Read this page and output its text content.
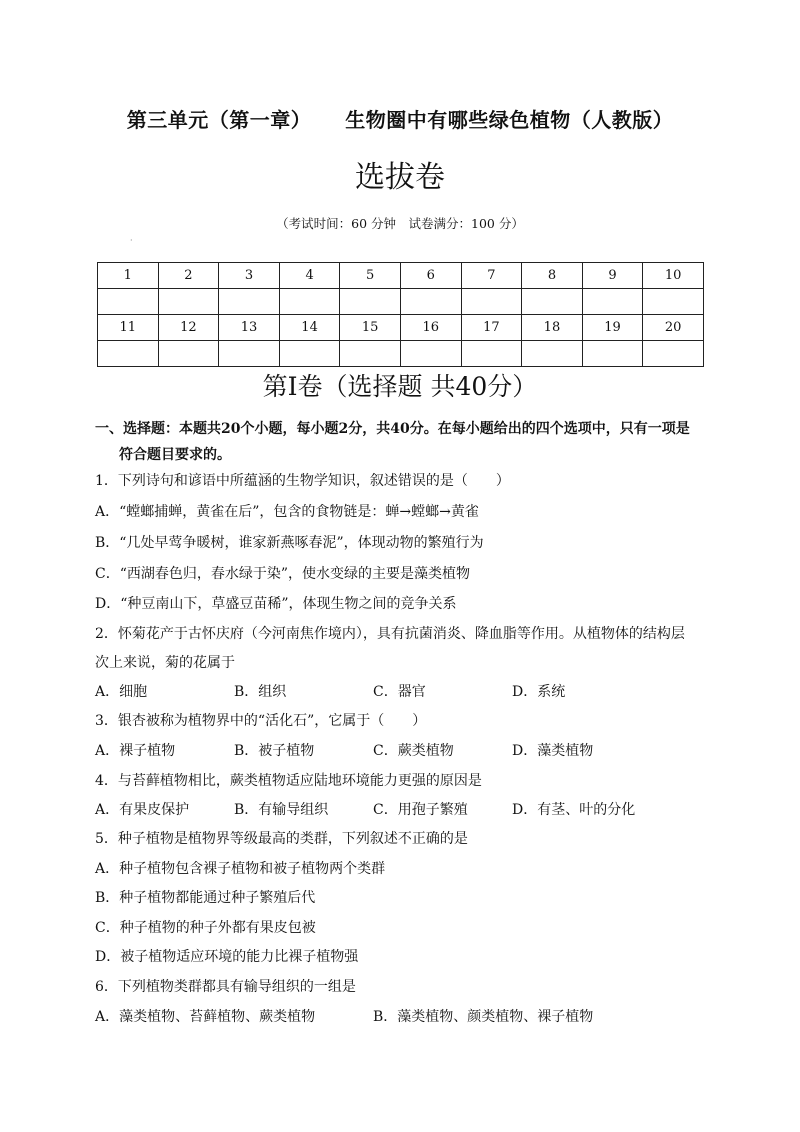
第三单元（第一章） 生物圈中有哪些绿色植物（人教版）
选拔卷
（考试时间：60 分钟　试卷满分：100 分）
·
1	2	3	4	5	6	7	8	9	10

11	12	13	14	15	16	17	18	19	20

第Ⅰ卷（选择题 共40分）
一、选择题：本题共20个小题，每小题2分，共40分。在每小题给出的四个选项中，只有一项是
符合题目要求的。
1．下列诗句和谚语中所蕴涵的生物学知识，叙述错误的是（　　）
A．“螳螂捕蝉，黄雀在后”，包含的食物链是：蝉→螳螂→黄雀
B．“几处早莺争暖树，谁家新燕啄春泥”，体现动物的繁殖行为
C．“西湖春色归，春水绿于染”，使水变绿的主要是藻类植物
D．“种豆南山下，草盛豆苗稀”，体现生物之间的竞争关系
2．怀菊花产于古怀庆府（今河南焦作境内），具有抗菌消炎、降血脂等作用。从植物体的结构层
次上来说，菊的花属于
A．细胞	B．组织	C．器官	D．系统
3．银杏被称为植物界中的“活化石”，它属于（　　）
A．裸子植物	B．被子植物	C．蕨类植物	D．藻类植物
4．与苔藓植物相比，蕨类植物适应陆地环境能力更强的原因是
A．有果皮保护	B．有输导组织	C．用孢子繁殖	D．有茎、叶的分化
5．种子植物是植物界等级最高的类群，下列叙述不正确的是
A．种子植物包含裸子植物和被子植物两个类群
B．种子植物都能通过种子繁殖后代
C．种子植物的种子外都有果皮包被
D．被子植物适应环境的能力比裸子植物强
6．下列植物类群都具有输导组织的一组是
A．藻类植物、苔藓植物、蕨类植物	B．藻类植物、颜类植物、裸子植物
